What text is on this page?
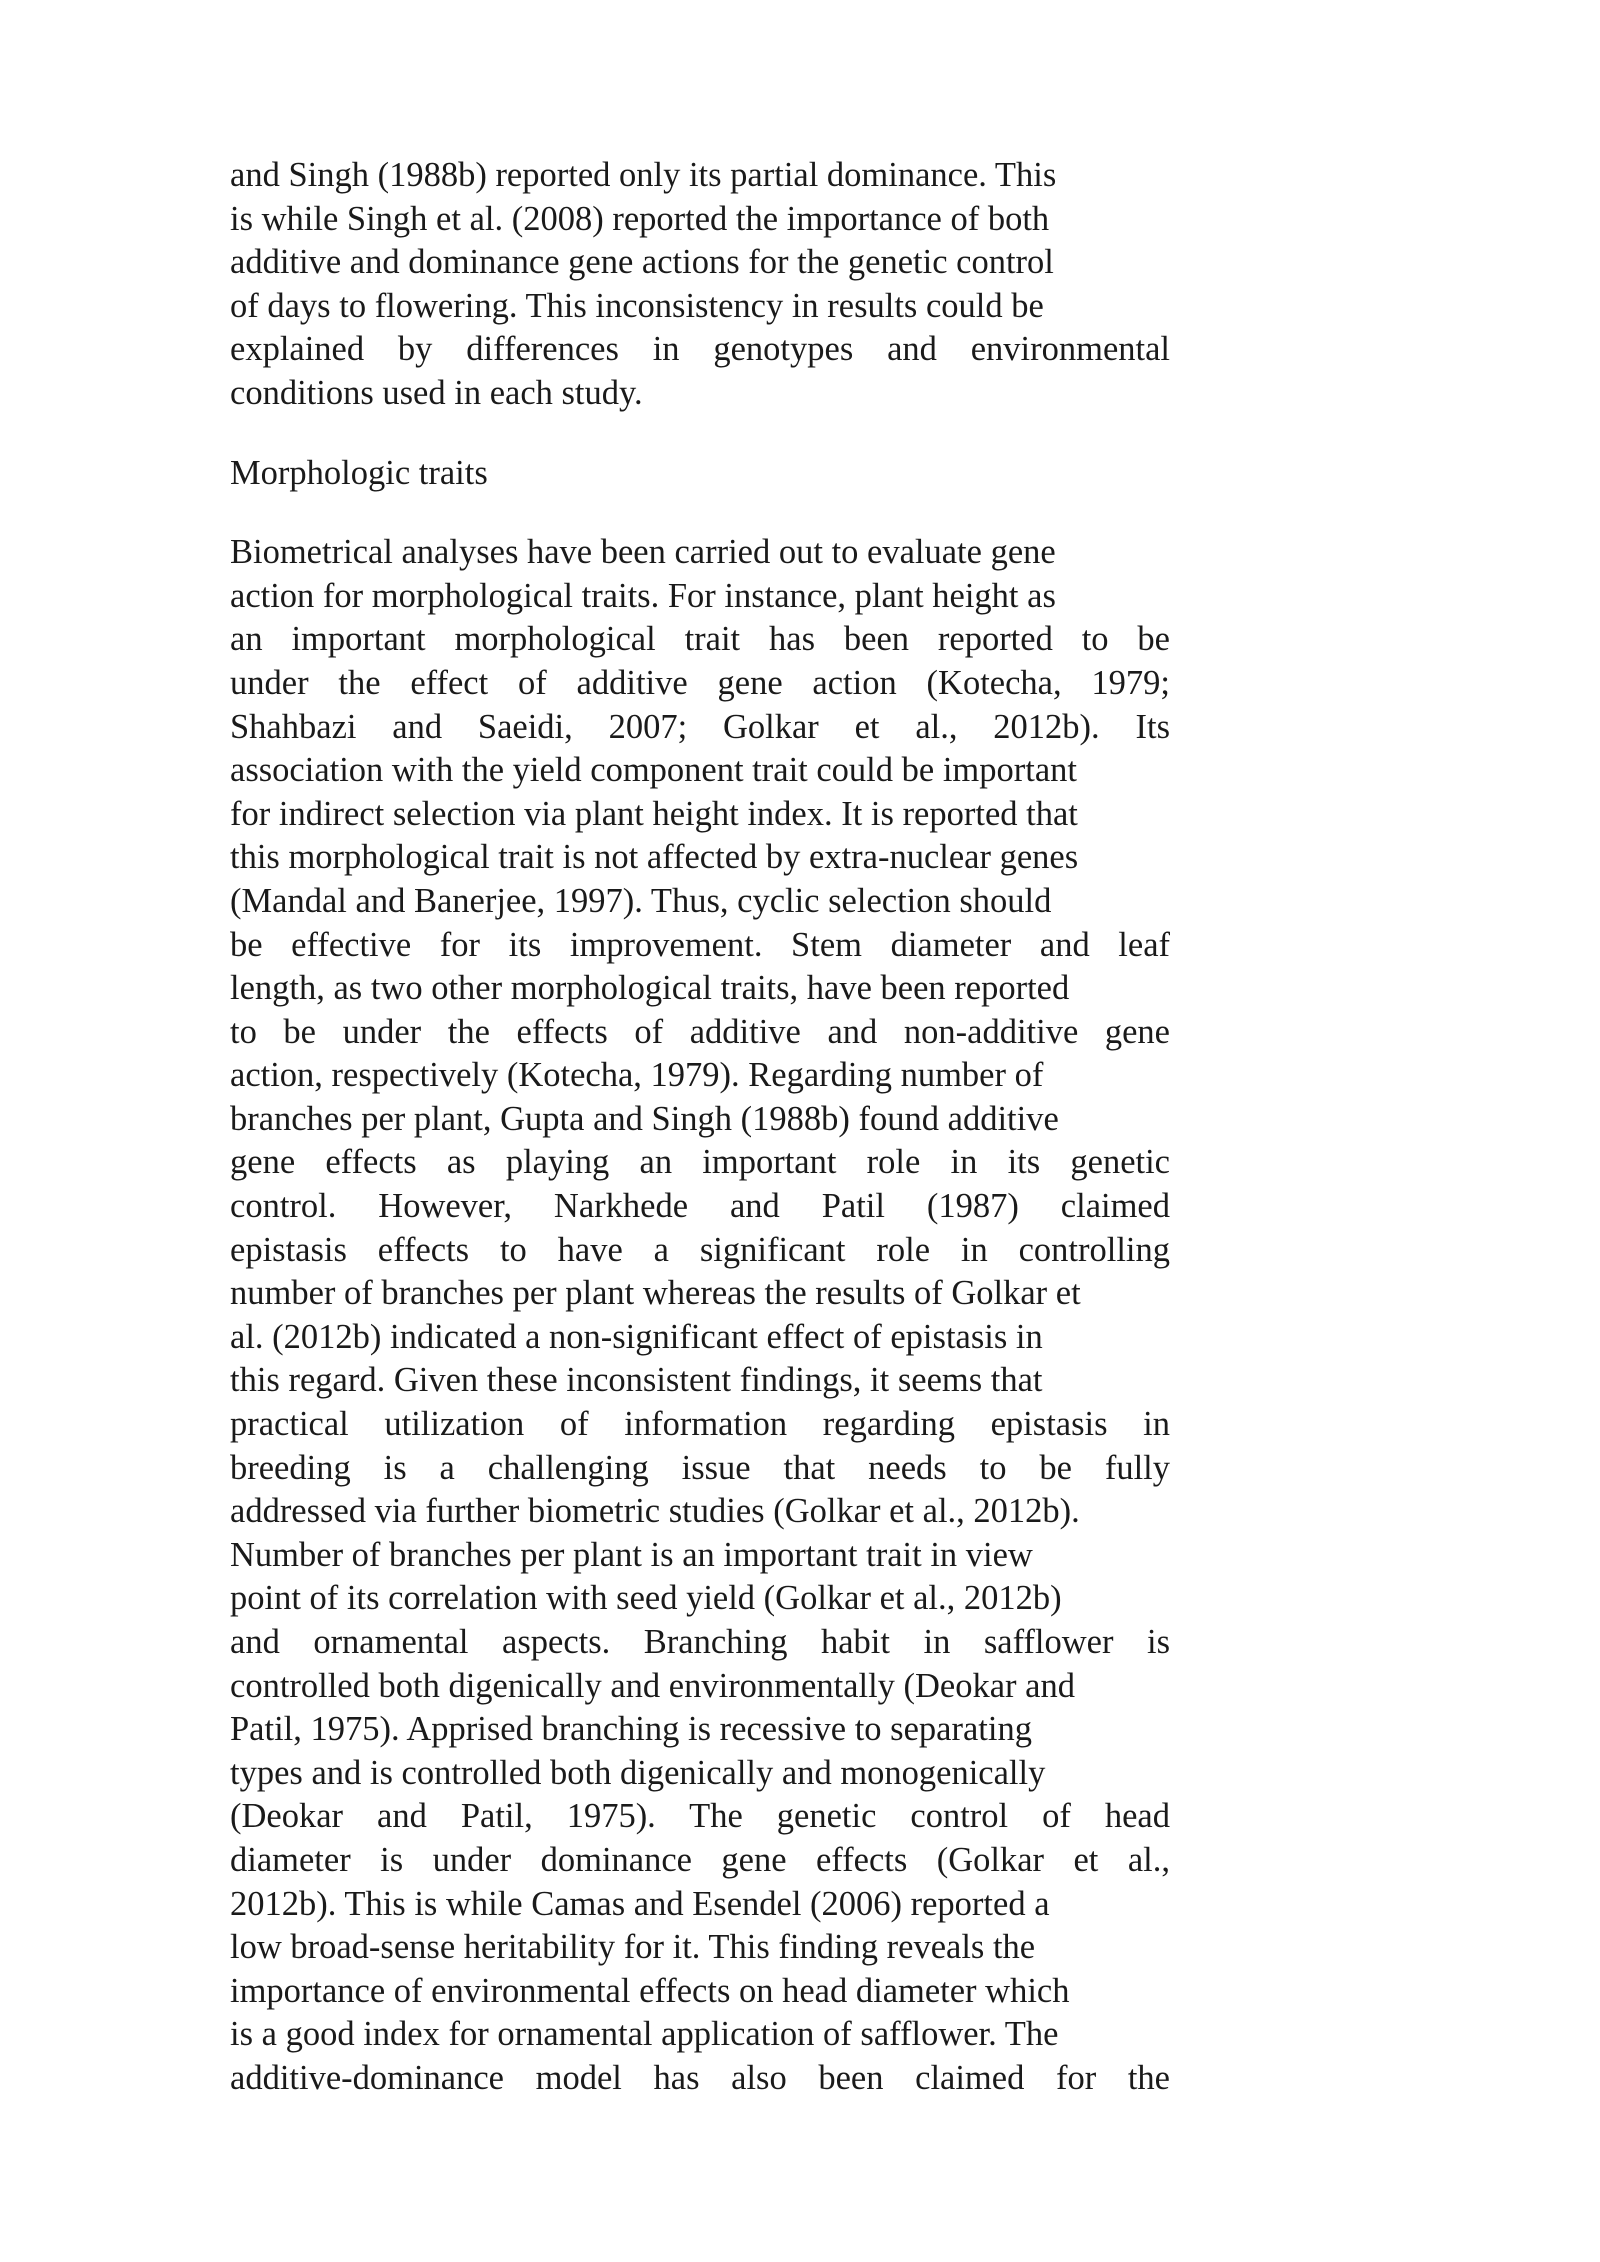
and Singh (1988b) reported only its partial dominance. This
is while Singh et al. (2008) reported the importance of both
additive and dominance gene actions for the genetic control
of days to flowering. This inconsistency in results could be
explained by differences in genotypes and environmental
conditions used in each study.
Morphologic traits
Biometrical analyses have been carried out to evaluate gene
action for morphological traits. For instance, plant height as
an important morphological trait has been reported to be
under the effect of additive gene action (Kotecha, 1979;
Shahbazi and Saeidi, 2007; Golkar et al., 2012b). Its
association with the yield component trait could be important
for indirect selection via plant height index. It is reported that
this morphological trait is not affected by extra-nuclear genes
(Mandal and Banerjee, 1997). Thus, cyclic selection should
be effective for its improvement. Stem diameter and leaf
length, as two other morphological traits, have been reported
to be under the effects of additive and non-additive gene
action, respectively (Kotecha, 1979). Regarding number of
branches per plant, Gupta and Singh (1988b) found additive
gene effects as playing an important role in its genetic
control. However, Narkhede and Patil (1987) claimed
epistasis effects to have a significant role in controlling
number of branches per plant whereas the results of Golkar et
al. (2012b) indicated a non-significant effect of epistasis in
this regard. Given these inconsistent findings, it seems that
practical utilization of information regarding epistasis in
breeding is a challenging issue that needs to be fully
addressed via further biometric studies (Golkar et al., 2012b).
Number of branches per plant is an important trait in view
point of its correlation with seed yield (Golkar et al., 2012b)
and ornamental aspects. Branching habit in safflower is
controlled both digenically and environmentally (Deokar and
Patil, 1975). Apprised branching is recessive to separating
types and is controlled both digenically and monogenically
(Deokar and Patil, 1975). The genetic control of head
diameter is under dominance gene effects (Golkar et al.,
2012b). This is while Camas and Esendel (2006) reported a
low broad-sense heritability for it. This finding reveals the
importance of environmental effects on head diameter which
is a good index for ornamental application of safflower. The
additive-dominance model has also been claimed for the
